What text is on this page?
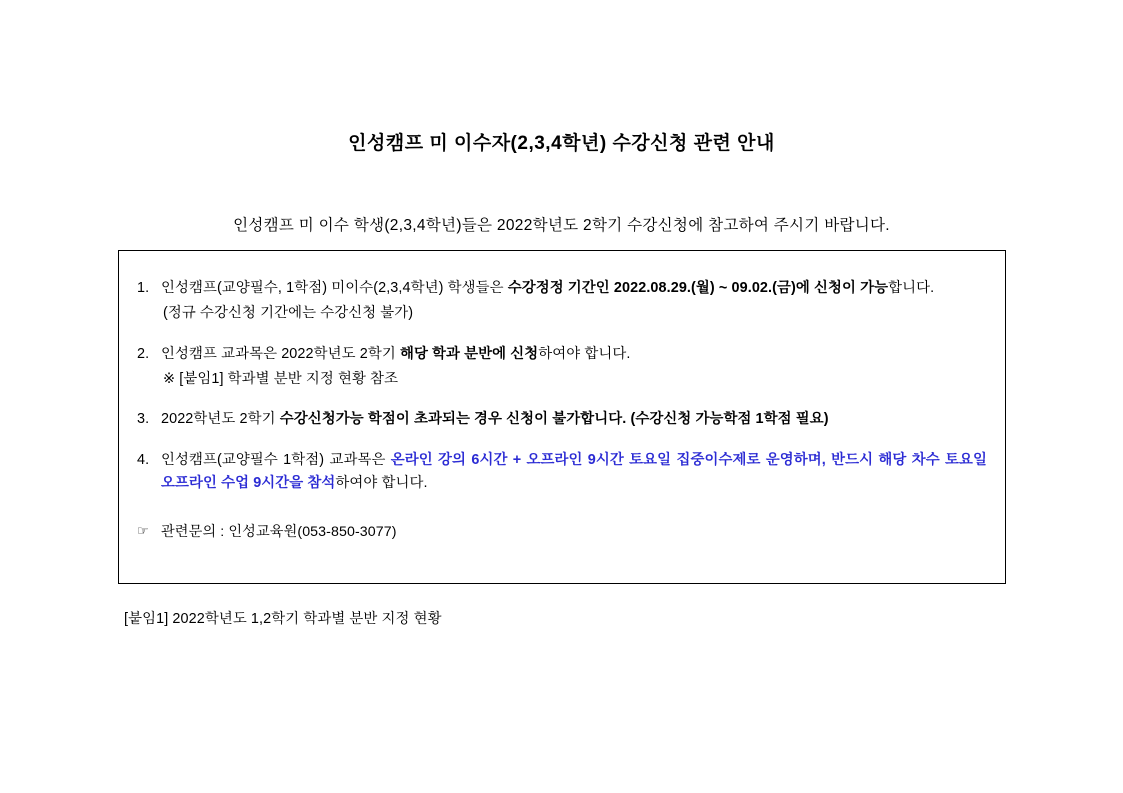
인성캠프 미 이수자(2,3,4학년) 수강신청 관련 안내
인성캠프 미 이수 학생(2,3,4학년)들은 2022학년도 2학기 수강신청에 참고하여 주시기 바랍니다.
1. 인성캠프(교양필수, 1학점) 미이수(2,3,4학년) 학생들은 수강정정 기간인 2022.08.29.(월) ~ 09.02.(금)에 신청이 가능합니다.
(정규 수강신청 기간에는 수강신청 불가)
2. 인성캠프 교과목은 2022학년도 2학기 해당 학과 분반에 신청하여야 합니다.
※ [붙임1] 학과별 분반 지정 현황 참조
3. 2022학년도 2학기 수강신청가능 학점이 초과되는 경우 신청이 불가합니다. (수강신청 가능학점 1학점 필요)
4. 인성캠프(교양필수 1학점) 교과목은 온라인 강의 6시간 + 오프라인 9시간 토요일 집중이수제로 운영하며, 반드시 해당 차수 토요일 오프라인 수업 9시간을 참석하여야 합니다.
☞ 관련문의 : 인성교육원(053-850-3077)
[붙임1] 2022학년도 1,2학기 학과별 분반 지정 현황
